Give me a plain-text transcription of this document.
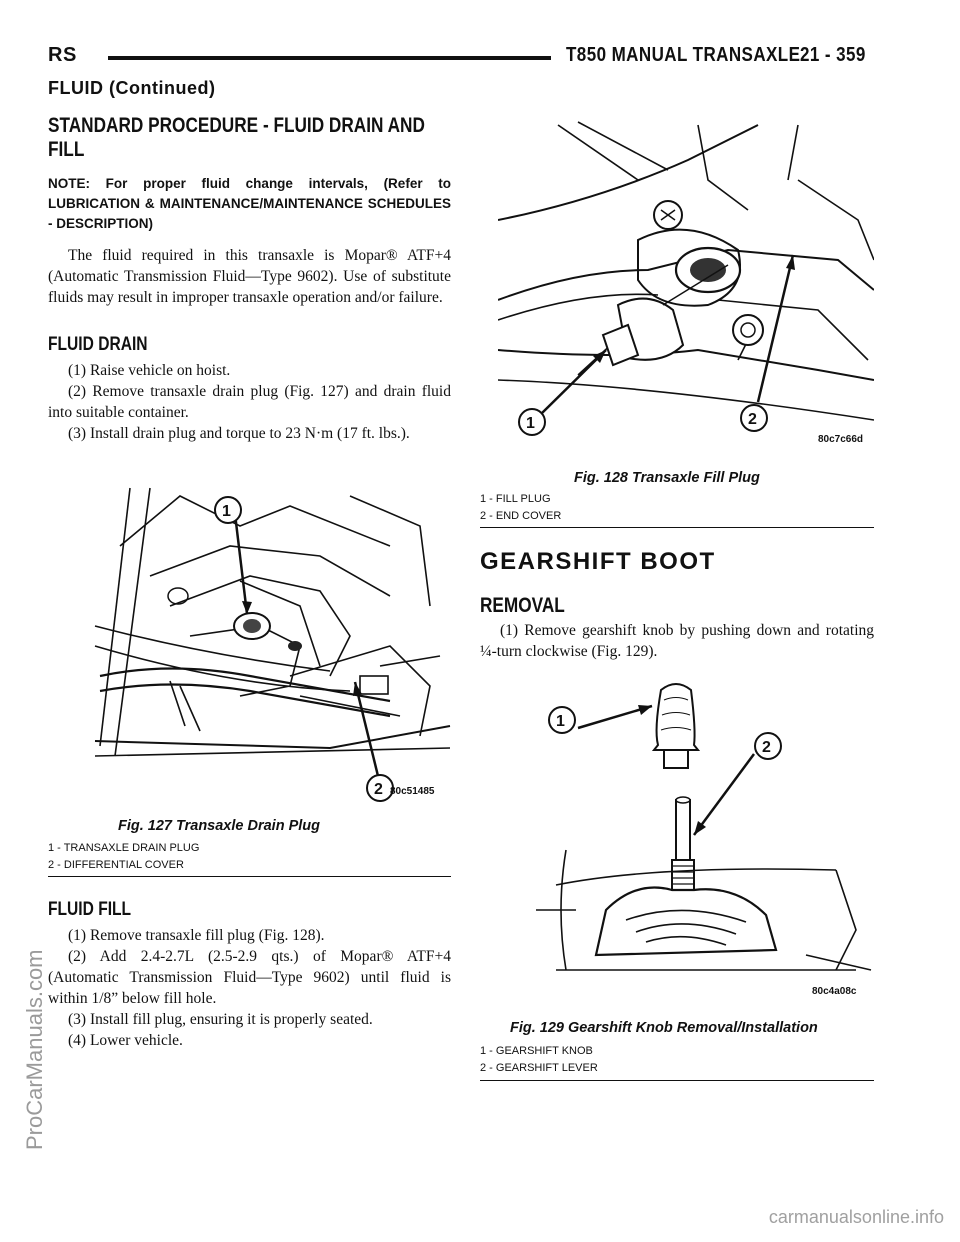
RS	T850 MANUAL TRANSAXLE 21 - 359
FLUID (Continued)
STANDARD PROCEDURE - FLUID DRAIN AND
FILL

NOTE: For proper fluid change intervals, (Refer to LUBRICATION & MAINTENANCE/MAINTENANCE SCHEDULES - DESCRIPTION)

The fluid required in this transaxle is Mopar® ATF+4 (Automatic Transmission Fluid—Type 9602). Use of substitute fluids may result in improper transaxle operation and/or failure.

FLUID DRAIN

(1) Raise vehicle on hoist.

(2) Remove transaxle drain plug (Fig. 127) and drain fluid into suitable container.

(3) Install drain plug and torque to 23 N·m (17 ft. lbs.).

1
2 80c51485
Fig. 127 Transaxle Drain Plug
1 - TRANSAXLE DRAIN PLUG
2 - DIFFERENTIAL COVER
FLUID FILL

(1) Remove transaxle fill plug (Fig. 128).

(2) Add 2.4-2.7L (2.5-2.9 qts.) of Mopar® ATF+4 (Automatic Transmission Fluid—Type 9602) until fluid is within 1/8” below fill hole.

(3) Install fill plug, ensuring it is properly seated.

(4) Lower vehicle.

1	2
80c7c66d
Fig. 128 Transaxle Fill Plug
1 - FILL PLUG
2 - END COVER
GEARSHIFT BOOT
REMOVAL

(1) Remove gearshift knob by pushing down and rotating ¼-turn clockwise (Fig. 129).

1
2
80c4a08c
Fig. 129 Gearshift Knob Removal/Installation
1 - GEARSHIFT KNOB
2 - GEARSHIFT LEVER
ProCarManuals.com
carmanualsonline.info
